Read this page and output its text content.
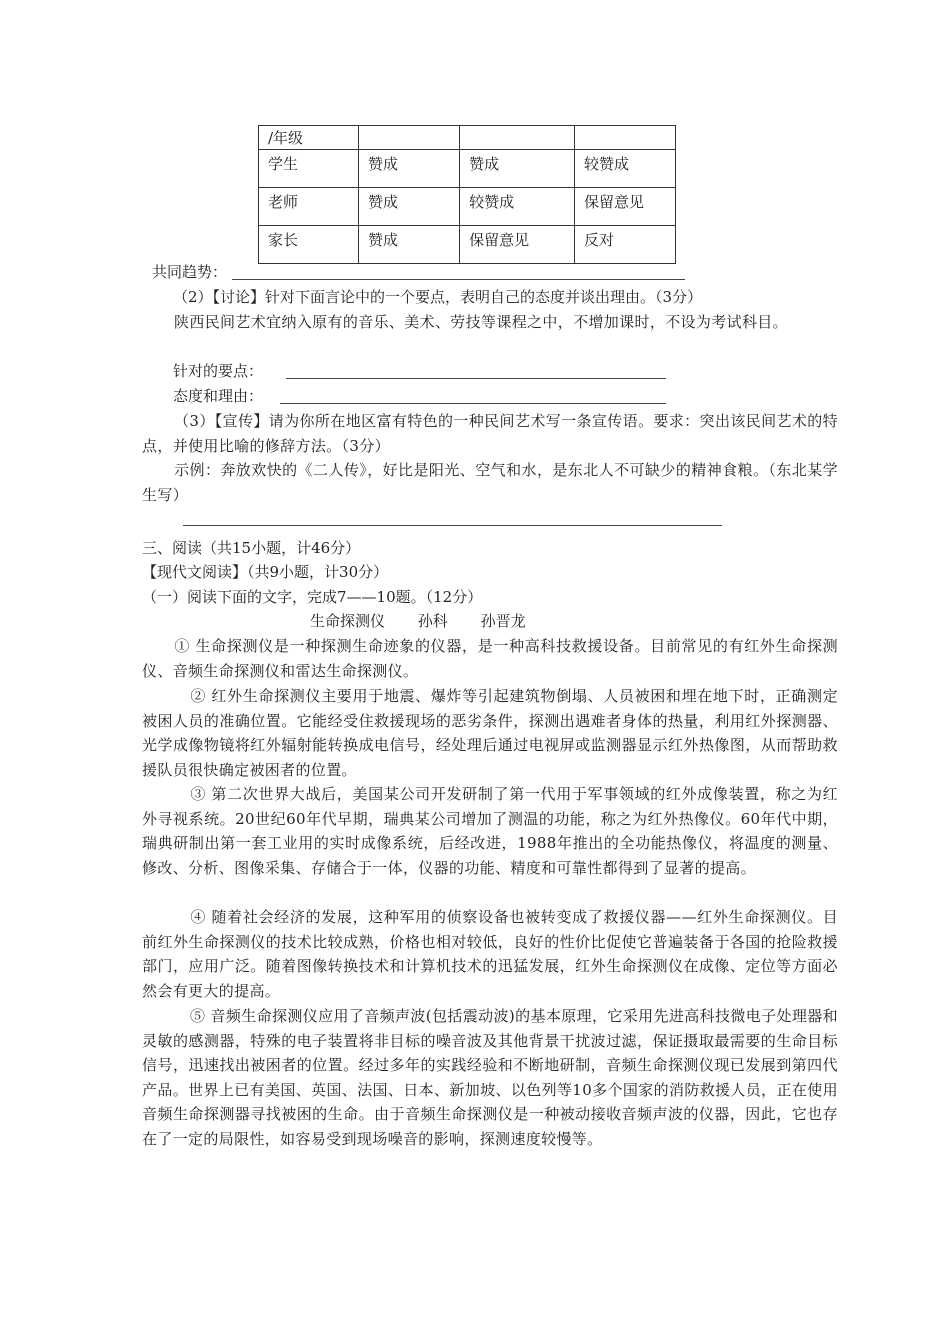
/年级			
学生	赞成	赞成	较赞成
老师	赞成	较赞成	保留意见
家长	赞成	保留意见	反对
共同趋势：
（2）【讨论】针对下面言论中的一个要点，表明自己的态度并谈出理由。（3分）
陕西民间艺术宜纳入原有的音乐、美术、劳技等课程之中，不增加课时，不设为考试科目。
针对的要点：
态度和理由：
（3）【宣传】请为你所在地区富有特色的一种民间艺术写一条宣传语。要求：突出该民间艺术的特点，并使用比喻的修辞方法。（3分）
示例：奔放欢快的《二人传》，好比是阳光、空气和水，是东北人不可缺少的精神食粮。（东北某学生写）
三、阅读（共15小题，计46分）
【现代文阅读】（共9小题，计30分）
（一）阅读下面的文字，完成7——10题。（12分）
生命探测仪 孙科 孙晋龙
① 生命探测仪是一种探测生命迹象的仪器，是一种高科技救援设备。目前常见的有红外生命探测仪、音频生命探测仪和雷达生命探测仪。
② 红外生命探测仪主要用于地震、爆炸等引起建筑物倒塌、人员被困和埋在地下时，正确测定被困人员的准确位置。它能经受住救援现场的恶劣条件，探测出遇难者身体的热量，利用红外探测器、光学成像物镜将红外辐射能转换成电信号，经处理后通过电视屏或监测器显示红外热像图，从而帮助救援队员很快确定被困者的位置。
③ 第二次世界大战后，美国某公司开发研制了第一代用于军事领域的红外成像装置，称之为红外寻视系统。20世纪60年代早期，瑞典某公司增加了测温的功能，称之为红外热像仪。60年代中期，瑞典研制出第一套工业用的实时成像系统，后经改进，1988年推出的全功能热像仪，将温度的测量、修改、分析、图像采集、存储合于一体，仪器的功能、精度和可靠性都得到了显著的提高。
④ 随着社会经济的发展，这种军用的侦察设备也被转变成了救援仪器——红外生命探测仪。目前红外生命探测仪的技术比较成熟，价格也相对较低，良好的性价比促使它普遍装备于各国的抢险救援部门，应用广泛。随着图像转换技术和计算机技术的迅猛发展，红外生命探测仪在成像、定位等方面必然会有更大的提高。
⑤ 音频生命探测仪应用了音频声波(包括震动波)的基本原理，它采用先进高科技微电子处理器和灵敏的感测器，特殊的电子装置将非目标的噪音波及其他背景干扰波过滤，保证摄取最需要的生命目标信号，迅速找出被困者的位置。经过多年的实践经验和不断地研制，音频生命探测仪现已发展到第四代产品。世界上已有美国、英国、法国、日本、新加坡、以色列等10多个国家的消防救援人员，正在使用音频生命探测器寻找被困的生命。由于音频生命探测仪是一种被动接收音频声波的仪器，因此，它也存在了一定的局限性，如容易受到现场噪音的影响，探测速度较慢等。
